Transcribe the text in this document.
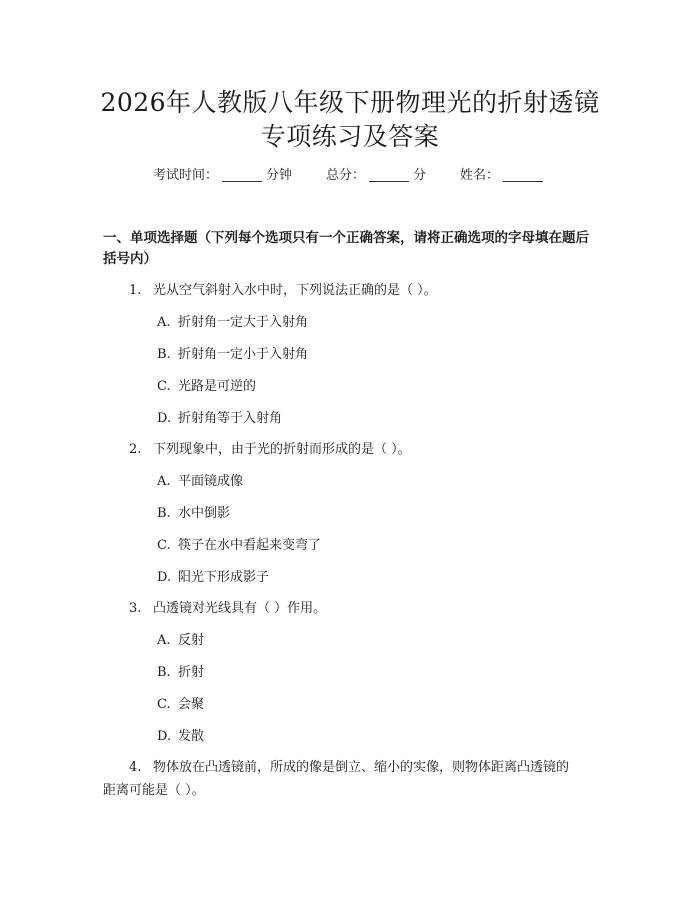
2026年人教版八年级下册物理光的折射透镜
专项练习及答案
考试时间：	分钟	总分：	分	姓名：
一、单项选择题（下列每个选项只有一个正确答案，请将正确选项的字母填在题后括号内）
1. 光从空气斜射入水中时，下列说法正确的是（ ）。
A. 折射角一定大于入射角
B. 折射角一定小于入射角
C. 光路是可逆的
D. 折射角等于入射角
2. 下列现象中，由于光的折射而形成的是（ ）。
A. 平面镜成像
B. 水中倒影
C. 筷子在水中看起来变弯了
D. 阳光下形成影子
3. 凸透镜对光线具有（ ）作用。
A. 反射
B. 折射
C. 会聚
D. 发散
4. 物体放在凸透镜前，所成的像是倒立、缩小的实像，则物体距离凸透镜的
距离可能是（ ）。
